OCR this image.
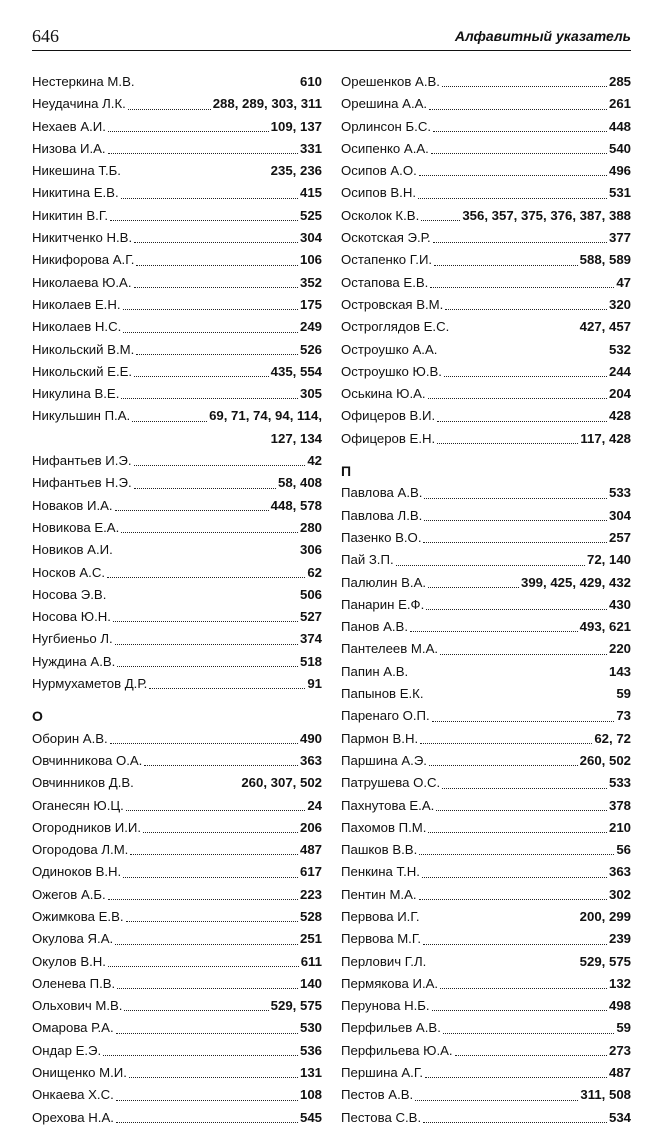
646	Алфавитный указатель
Нестеркина М.В.	610
Неудачина Л.К.	288, 289, 303, 311
Нехаев А.И.	109, 137
Низова И.А.	331
Никешина Т.Б.	235, 236
Никитина Е.В.	415
Никитин В.Г.	525
Никитченко Н.В.	304
Никифорова А.Г.	106
Николаева Ю.А.	352
Николаев Е.Н.	175
Николаев Н.С.	249
Никольский В.М.	526
Никольский Е.Е.	435, 554
Никулина В.Е.	305
Никульшин П.А.	69, 71, 74, 94, 114,
127, 134
Нифантьев И.Э.	42
Нифантьев Н.Э.	58, 408
Новаков И.А.	448, 578
Новикова Е.А.	280
Новиков А.И.	306
Носков А.С.	62
Носова Э.В.	506
Носова Ю.Н.	527
Нугбиеньо Л.	374
Нуждина А.В.	518
Нурмухаметов Д.Р.	91
О
Оборин А.В.	490
Овчинникова О.А.	363
Овчинников Д.В.	260, 307, 502
Оганесян Ю.Ц.	24
Огородников И.И.	206
Огородова Л.М.	487
Одиноков В.Н.	617
Ожегов А.Б.	223
Ожимкова Е.В.	528
Окулова Я.А.	251
Окулов В.Н.	611
Оленева П.В.	140
Ольхович М.В.	529, 575
Омарова Р.А.	530
Ондар Е.Э.	536
Онищенко М.И.	131
Онкаева Х.С.	108
Орехова Н.А.	545
Орешенков А.В.	285
Орешина А.А.	261
Орлинсон Б.С.	448
Осипенко А.А.	540
Осипов А.О.	496
Осипов В.Н.	531
Осколок К.В.	356, 357, 375, 376, 387, 388
Оскотская Э.Р.	377
Остапенко Г.И.	588, 589
Остапова Е.В.	47
Островская В.М.	320
Остроглядов Е.С.	427, 457
Остроушко А.А.	532
Остроушко Ю.В.	244
Оськина Ю.А.	204
Офицеров В.И.	428
Офицеров Е.Н.	117, 428
П
Павлова А.В.	533
Павлова Л.В.	304
Пазенко В.О.	257
Пай З.П.	72, 140
Палюлин В.А.	399, 425, 429, 432
Панарин Е.Ф.	430
Панов А.В.	493, 621
Пантелеев М.А.	220
Папин А.В.	143
Папынов Е.К.	59
Паренаго О.П.	73
Пармон В.Н.	62, 72
Паршина А.Э.	260, 502
Патрушева О.С.	533
Пахнутова Е.А.	378
Пахомов П.М.	210
Пашков В.В.	56
Пенкина Т.Н.	363
Пентин М.А.	302
Первова И.Г.	200, 299
Первова М.Г.	239
Перлович Г.Л.	529, 575
Пермякова И.А.	132
Перунова Н.Б.	498
Перфильев А.В.	59
Перфильева Ю.А.	273
Першина А.Г.	487
Пестов А.В.	311, 508
Пестова С.В.	534
